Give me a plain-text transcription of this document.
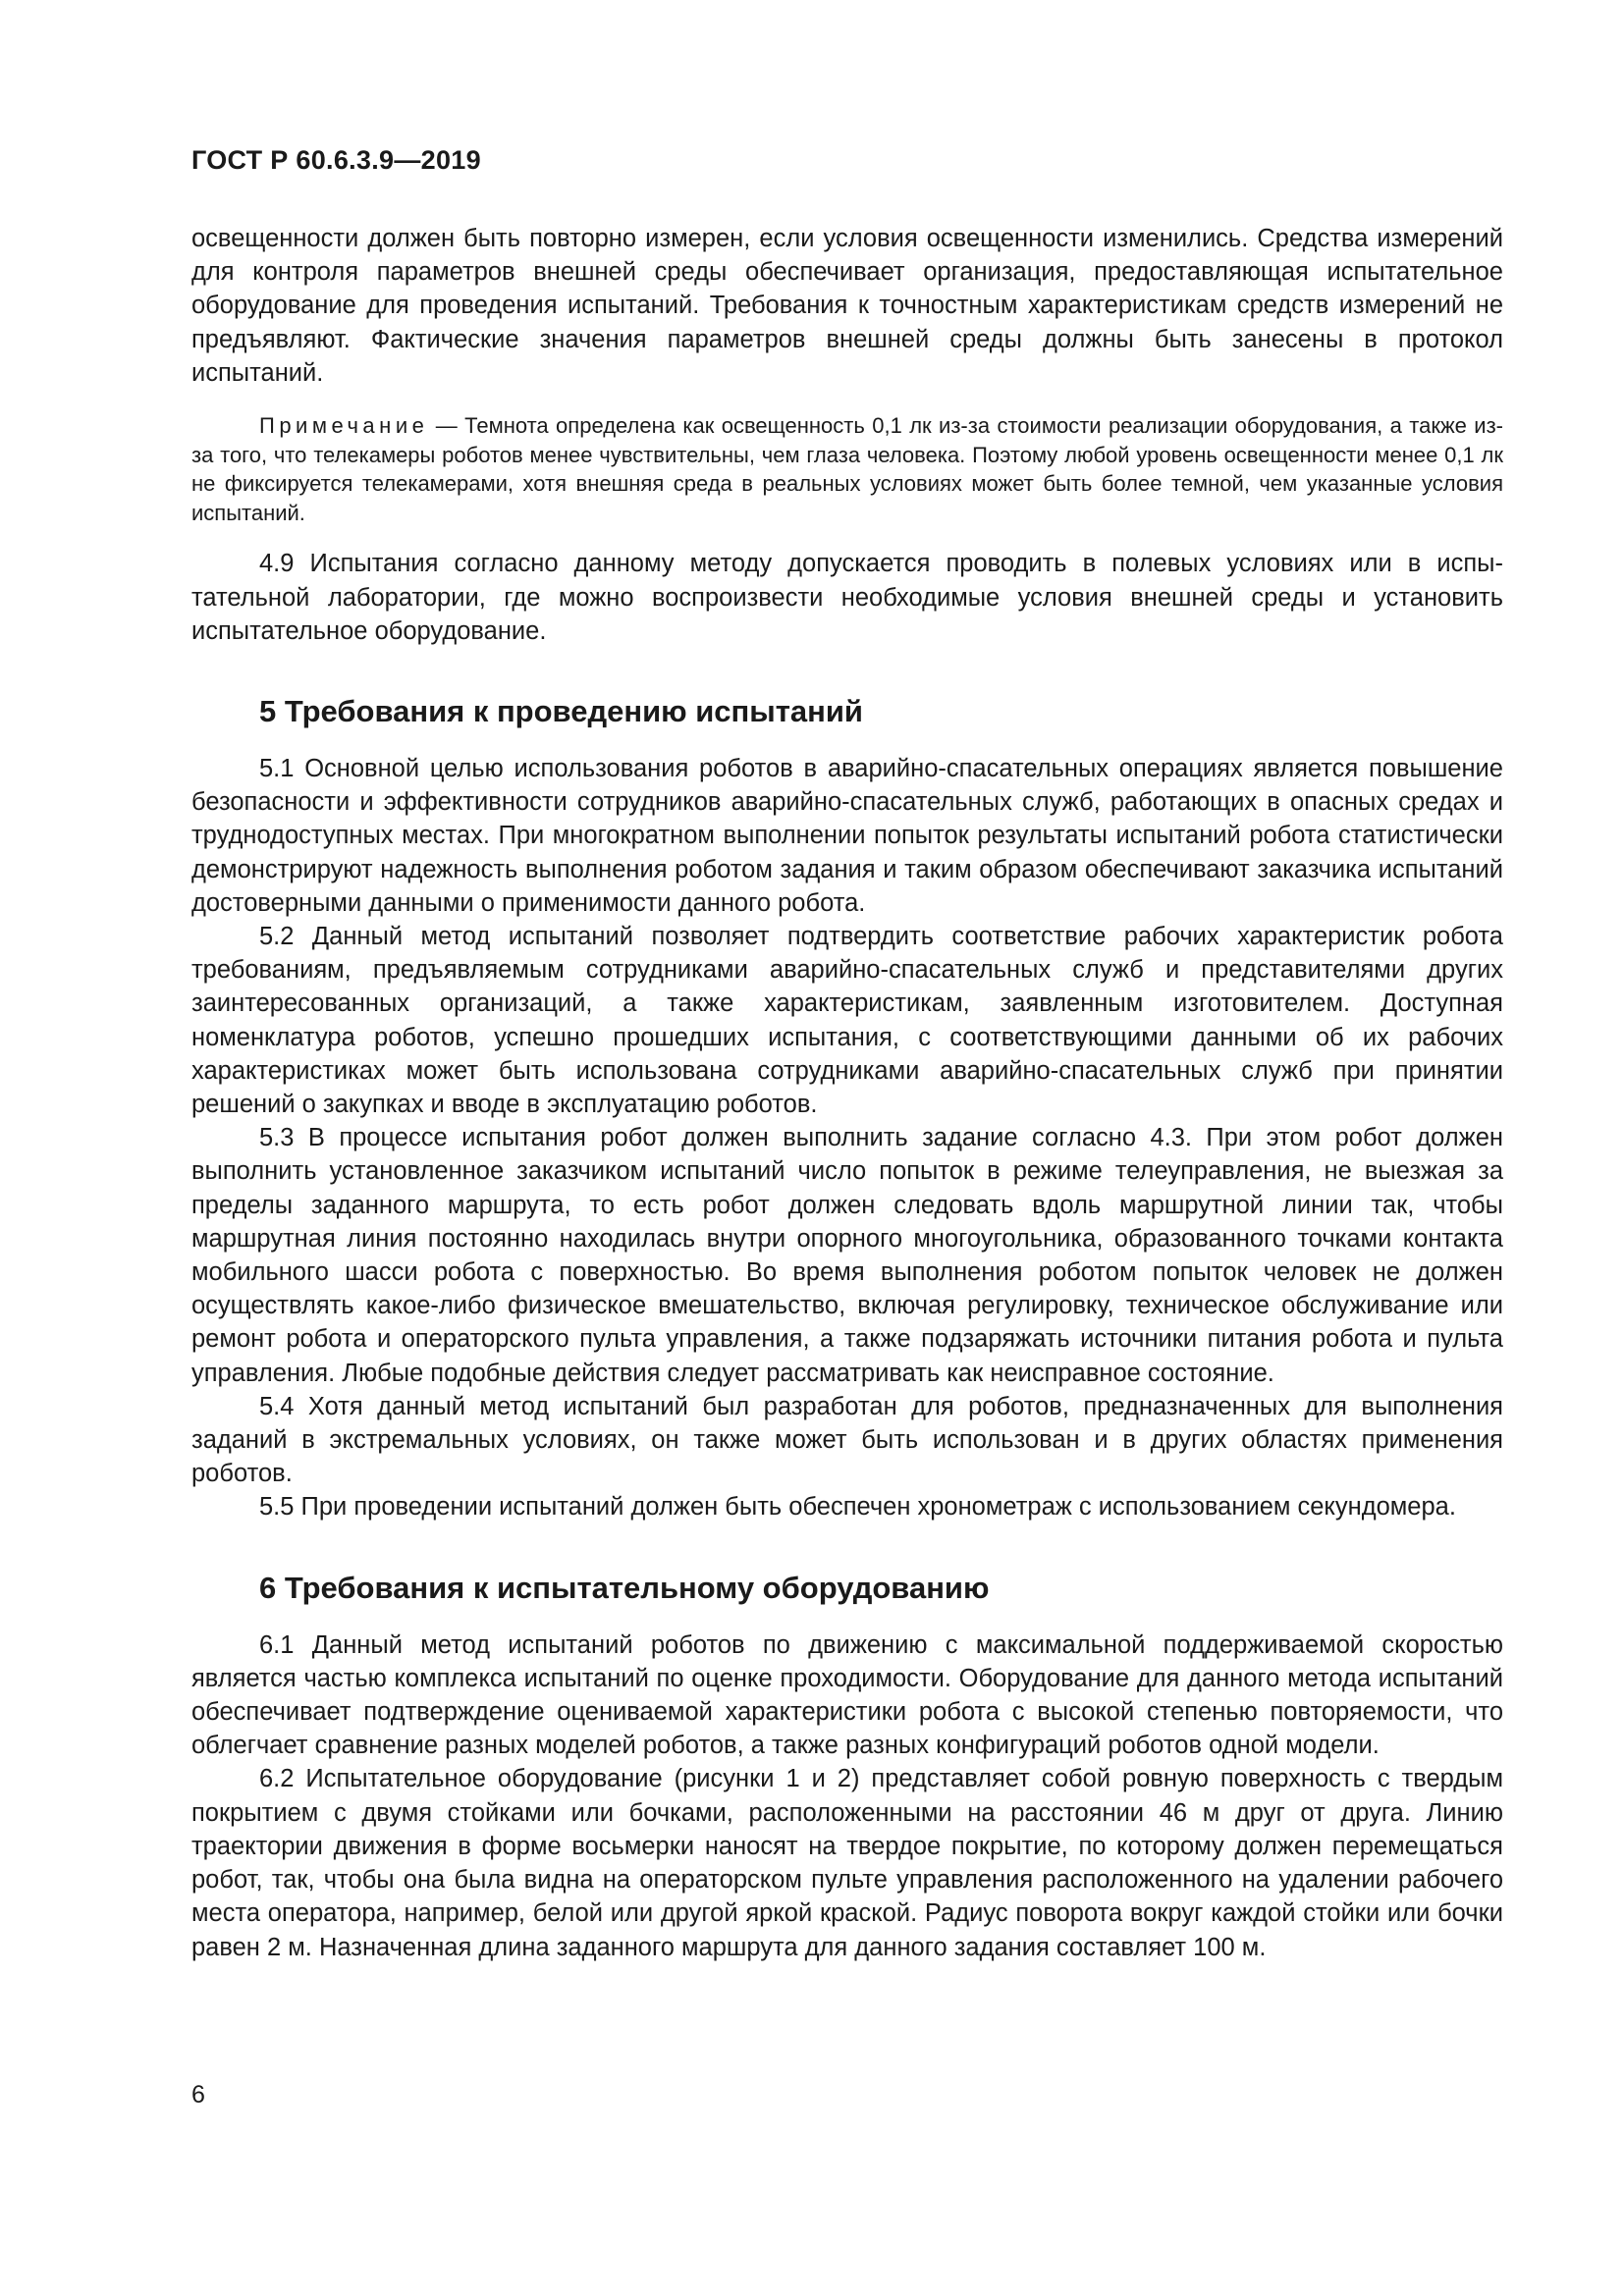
ГОСТ Р 60.6.3.9—2019

освещенности должен быть повторно измерен, если условия освещенности изменились. Средства измерений для контроля параметров внешней среды обеспечивает организация, предоставляющая испытательное оборудование для проведения испытаний. Требования к точностным характеристикам средств измерений не предъявляют. Фактические значения параметров внешней среды должны быть занесены в протокол испытаний.

Примечание — Темнота определена как освещенность 0,1 лк из-за стоимости реализации оборудования, а также из-за того, что телекамеры роботов менее чувствительны, чем глаза человека. Поэтому любой уровень освещенности менее 0,1 лк не фиксируется телекамерами, хотя внешняя среда в реальных условиях может быть более темной, чем указанные условия испытаний.

4.9 Испытания согласно данному методу допускается проводить в полевых условиях или в испытательной лаборатории, где можно воспроизвести необходимые условия внешней среды и установить испытательное оборудование.

5 Требования к проведению испытаний

5.1 Основной целью использования роботов в аварийно-спасательных операциях является повышение безопасности и эффективности сотрудников аварийно-спасательных служб, работающих в опасных средах и труднодоступных местах. При многократном выполнении попыток результаты испытаний робота статистически демонстрируют надежность выполнения роботом задания и таким образом обеспечивают заказчика испытаний достоверными данными о применимости данного робота.

5.2 Данный метод испытаний позволяет подтвердить соответствие рабочих характеристик робота требованиям, предъявляемым сотрудниками аварийно-спасательных служб и представителями других заинтересованных организаций, а также характеристикам, заявленным изготовителем. Доступная номенклатура роботов, успешно прошедших испытания, с соответствующими данными об их рабочих характеристиках может быть использована сотрудниками аварийно-спасательных служб при принятии решений о закупках и вводе в эксплуатацию роботов.

5.3 В процессе испытания робот должен выполнить задание согласно 4.3. При этом робот должен выполнить установленное заказчиком испытаний число попыток в режиме телеуправления, не выезжая за пределы заданного маршрута, то есть робот должен следовать вдоль маршрутной линии так, чтобы маршрутная линия постоянно находилась внутри опорного многоугольника, образованного точками контакта мобильного шасси робота с поверхностью. Во время выполнения роботом попыток человек не должен осуществлять какое-либо физическое вмешательство, включая регулировку, техническое обслуживание или ремонт робота и операторского пульта управления, а также подзаряжать источники питания робота и пульта управления. Любые подобные действия следует рассматривать как неисправное состояние.

5.4 Хотя данный метод испытаний был разработан для роботов, предназначенных для выполнения заданий в экстремальных условиях, он также может быть использован и в других областях применения роботов.

5.5 При проведении испытаний должен быть обеспечен хронометраж с использованием секундомера.

6 Требования к испытательному оборудованию

6.1 Данный метод испытаний роботов по движению с максимальной поддерживаемой скоростью является частью комплекса испытаний по оценке проходимости. Оборудование для данного метода испытаний обеспечивает подтверждение оцениваемой характеристики робота с высокой степенью повторяемости, что облегчает сравнение разных моделей роботов, а также разных конфигураций роботов одной модели.

6.2 Испытательное оборудование (рисунки 1 и 2) представляет собой ровную поверхность с твердым покрытием с двумя стойками или бочками, расположенными на расстоянии 46 м друг от друга. Линию траектории движения в форме восьмерки наносят на твердое покрытие, по которому должен перемещаться робот, так, чтобы она была видна на операторском пульте управления расположенного на удалении рабочего места оператора, например, белой или другой яркой краской. Радиус поворота вокруг каждой стойки или бочки равен 2 м. Назначенная длина заданного маршрута для данного задания составляет 100 м.

6
